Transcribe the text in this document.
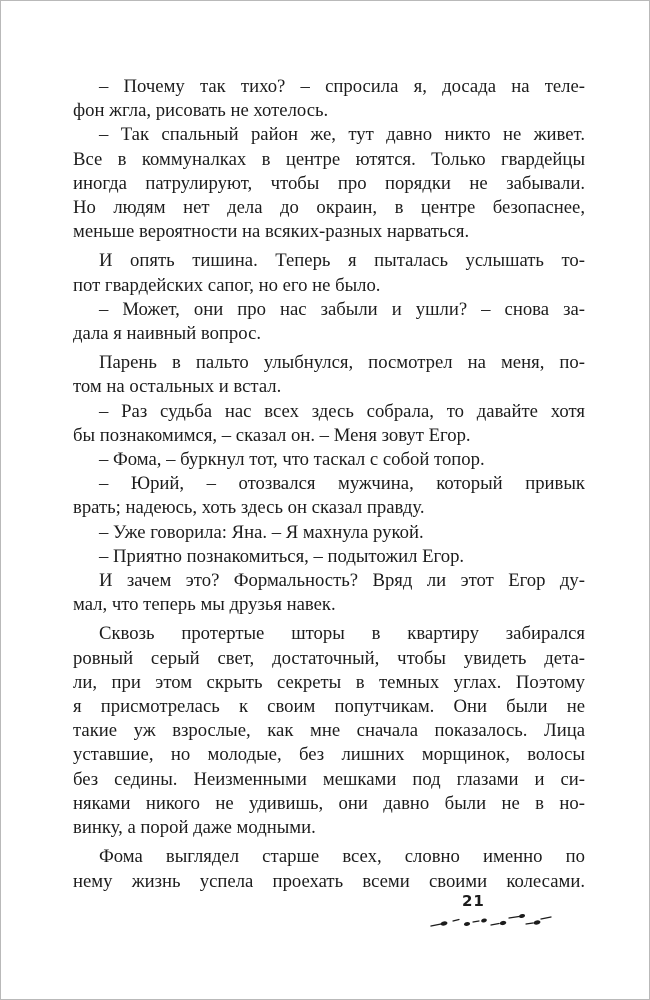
– Почему так тихо? – спросила я, досада на теле-
фон жгла, рисовать не хотелось.
– Так спальный район же, тут давно никто не живет.
Все в коммуналках в центре ютятся. Только гвардейцы
иногда патрулируют, чтобы про порядки не забывали.
Но людям нет дела до окраин, в центре безопаснее,
меньше вероятности на всяких-разных нарваться.
И опять тишина. Теперь я пыталась услышать то-
пот гвардейских сапог, но его не было.
– Может, они про нас забыли и ушли? – снова за-
дала я наивный вопрос.
Парень в пальто улыбнулся, посмотрел на меня, по-
том на остальных и встал.
– Раз судьба нас всех здесь собрала, то давайте хотя
бы познакомимся, – сказал он. – Меня зовут Егор.
– Фома, – буркнул тот, что таскал с собой топор.
– Юрий, – отозвался мужчина, который привык
врать; надеюсь, хоть здесь он сказал правду.
– Уже говорила: Яна. – Я махнула рукой.
– Приятно познакомиться, – подытожил Егор.
И зачем это? Формальность? Вряд ли этот Егор ду-
мал, что теперь мы друзья навек.
Сквозь протертые шторы в квартиру забирался
ровный серый свет, достаточный, чтобы увидеть дета-
ли, при этом скрыть секреты в темных углах. Поэтому
я присмотрелась к своим попутчикам. Они были не
такие уж взрослые, как мне сначала показалось. Лица
уставшие, но молодые, без лишних морщинок, волосы
без седины. Неизменными мешками под глазами и си-
няками никого не удивишь, они давно были не в но-
винку, а порой даже модными.
Фома выглядел старше всех, словно именно по
нему жизнь успела проехать всеми своими колесами.
21
